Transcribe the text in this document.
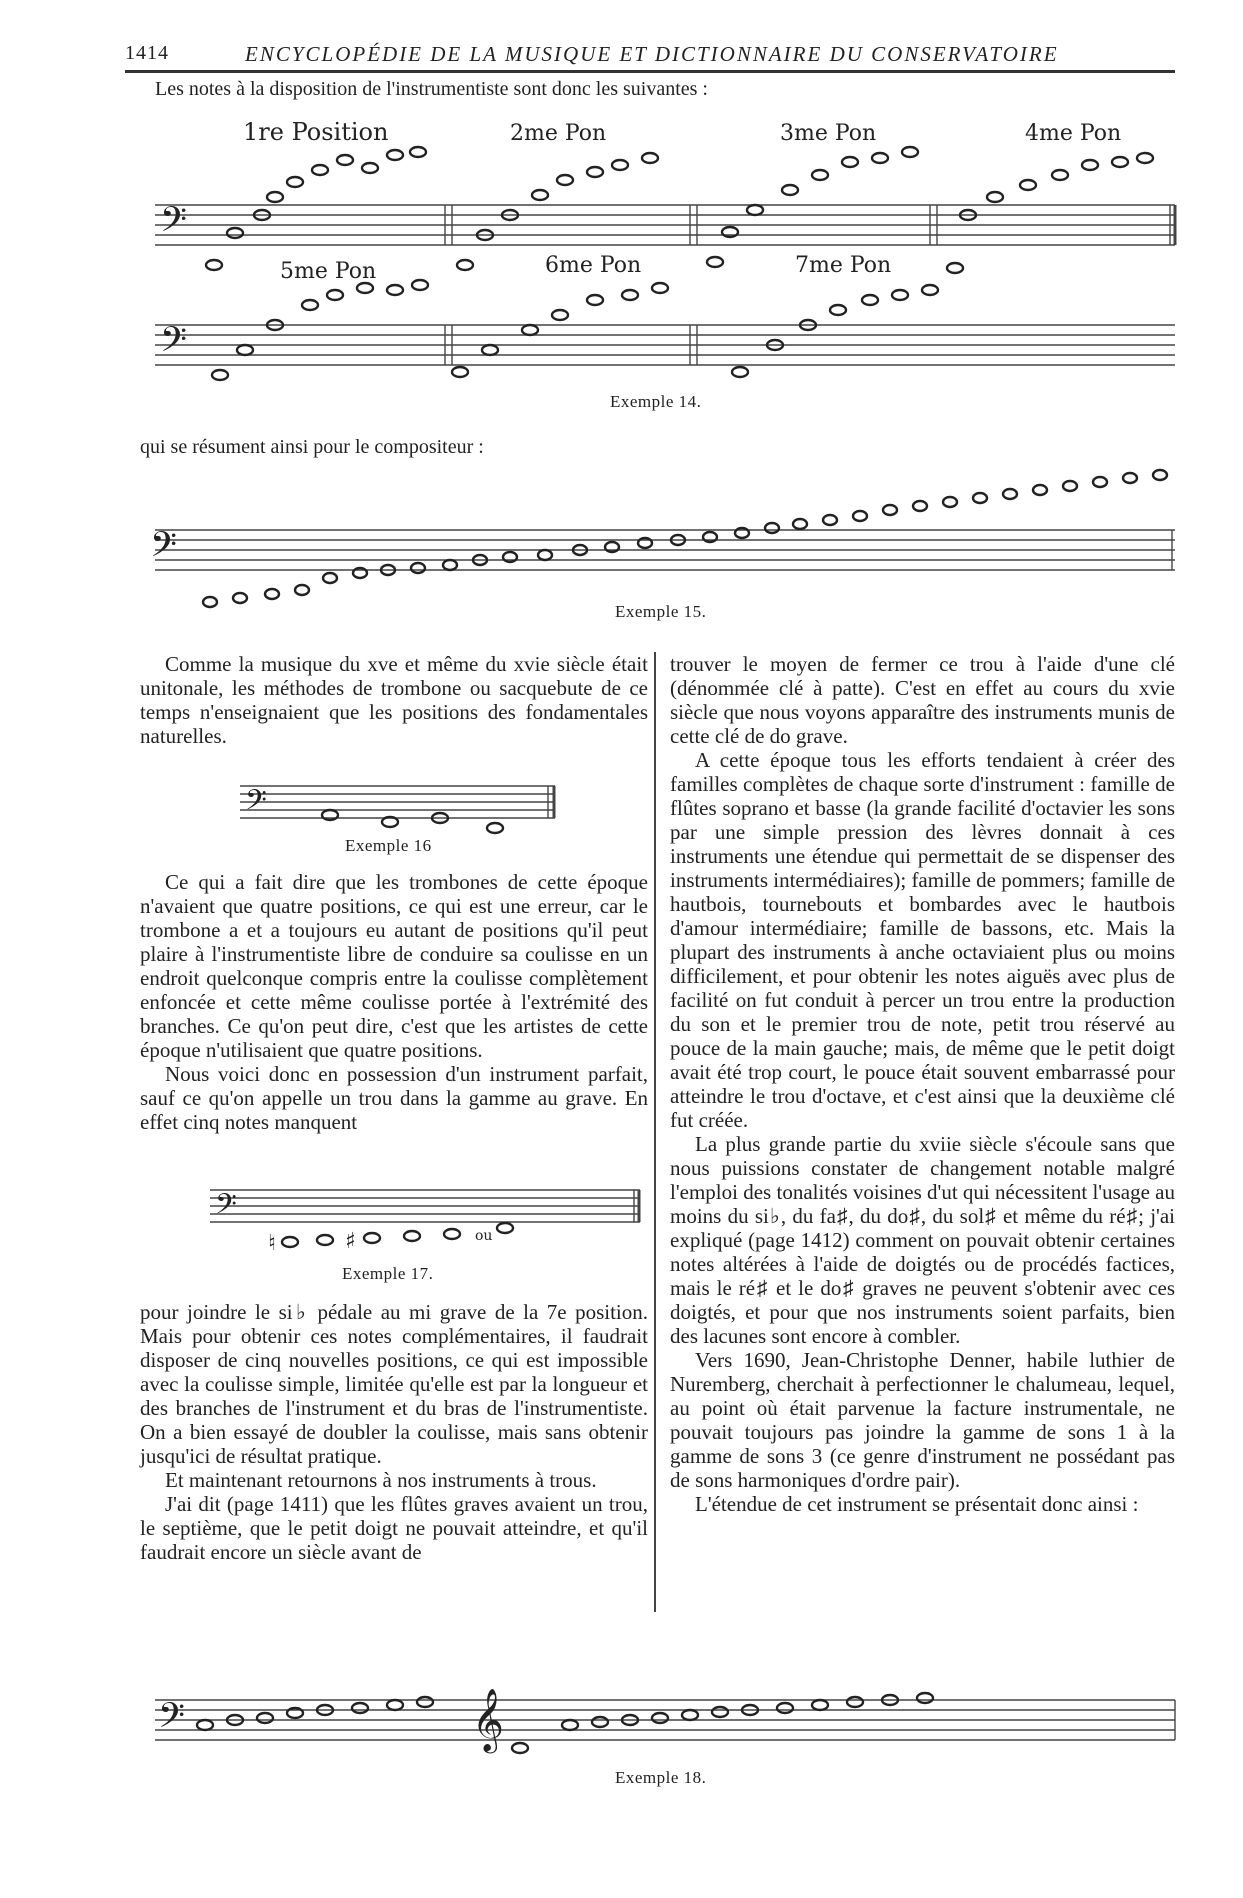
1414	ENCYCLOPÉDIE DE LA MUSIQUE ET DICTIONNAIRE DU CONSERVATOIRE
Les notes à la disposition de l'instrumentiste sont donc les suivantes :
𝄢
1re Position	2me Pon	3me Pon	4me Pon
𝄢
5me Pon	6me Pon	7me Pon
𝄢
𝄢
𝄢
♮	♯	ou
𝄢	𝄞
Exemple 14.
qui se résument ainsi pour le compositeur :
Exemple 15.
Exemple 16
Exemple 17.
Exemple 18.

Comme la musique du xve et même du xvie siècle était unitonale, les méthodes de trombone ou sacquebute de ce temps n'enseignaient que les positions des fondamentales naturelles.

Ce qui a fait dire que les trombones de cette époque n'avaient que quatre positions, ce qui est une erreur, car le trombone a et a toujours eu autant de positions qu'il peut plaire à l'instrumentiste libre de conduire sa coulisse en un endroit quelconque compris entre la coulisse complètement enfoncée et cette même coulisse portée à l'extrémité des branches. Ce qu'on peut dire, c'est que les artistes de cette époque n'utilisaient que quatre positions.

Nous voici donc en possession d'un instrument parfait, sauf ce qu'on appelle un trou dans la gamme au grave. En effet cinq notes manquent

pour joindre le si♭ pédale au mi grave de la 7e position. Mais pour obtenir ces notes complémentaires, il faudrait disposer de cinq nouvelles positions, ce qui est impossible avec la coulisse simple, limitée qu'elle est par la longueur et des branches de l'instrument et du bras de l'instrumentiste. On a bien essayé de doubler la coulisse, mais sans obtenir jusqu'ici de résultat pratique.

Et maintenant retournons à nos instruments à trous.

J'ai dit (page 1411) que les flûtes graves avaient un trou, le septième, que le petit doigt ne pouvait atteindre, et qu'il faudrait encore un siècle avant de

trouver le moyen de fermer ce trou à l'aide d'une clé (dénommée clé à patte). C'est en effet au cours du xvie siècle que nous voyons apparaître des instruments munis de cette clé de do grave.

A cette époque tous les efforts tendaient à créer des familles complètes de chaque sorte d'instrument : famille de flûtes soprano et basse (la grande facilité d'octavier les sons par une simple pression des lèvres donnait à ces instruments une étendue qui permettait de se dispenser des instruments intermédiaires); famille de pommers; famille de hautbois, tournebouts et bombardes avec le hautbois d'amour intermédiaire; famille de bassons, etc. Mais la plupart des instruments à anche octaviaient plus ou moins difficilement, et pour obtenir les notes aiguës avec plus de facilité on fut conduit à percer un trou entre la production du son et le premier trou de note, petit trou réservé au pouce de la main gauche; mais, de même que le petit doigt avait été trop court, le pouce était souvent embarrassé pour atteindre le trou d'octave, et c'est ainsi que la deuxième clé fut créée.

La plus grande partie du xviie siècle s'écoule sans que nous puissions constater de changement notable malgré l'emploi des tonalités voisines d'ut qui nécessitent l'usage au moins du si♭, du fa♯, du do♯, du sol♯ et même du ré♯; j'ai expliqué (page 1412) comment on pouvait obtenir certaines notes altérées à l'aide de doigtés ou de procédés factices, mais le ré♯ et le do♯ graves ne peuvent s'obtenir avec ces doigtés, et pour que nos instruments soient parfaits, bien des lacunes sont encore à combler.

Vers 1690, Jean-Christophe Denner, habile luthier de Nuremberg, cherchait à perfectionner le chalumeau, lequel, au point où était parvenue la facture instrumentale, ne pouvait toujours pas joindre la gamme de sons 1 à la gamme de sons 3 (ce genre d'instrument ne possédant pas de sons harmoniques d'ordre pair).

L'étendue de cet instrument se présentait donc ainsi :
